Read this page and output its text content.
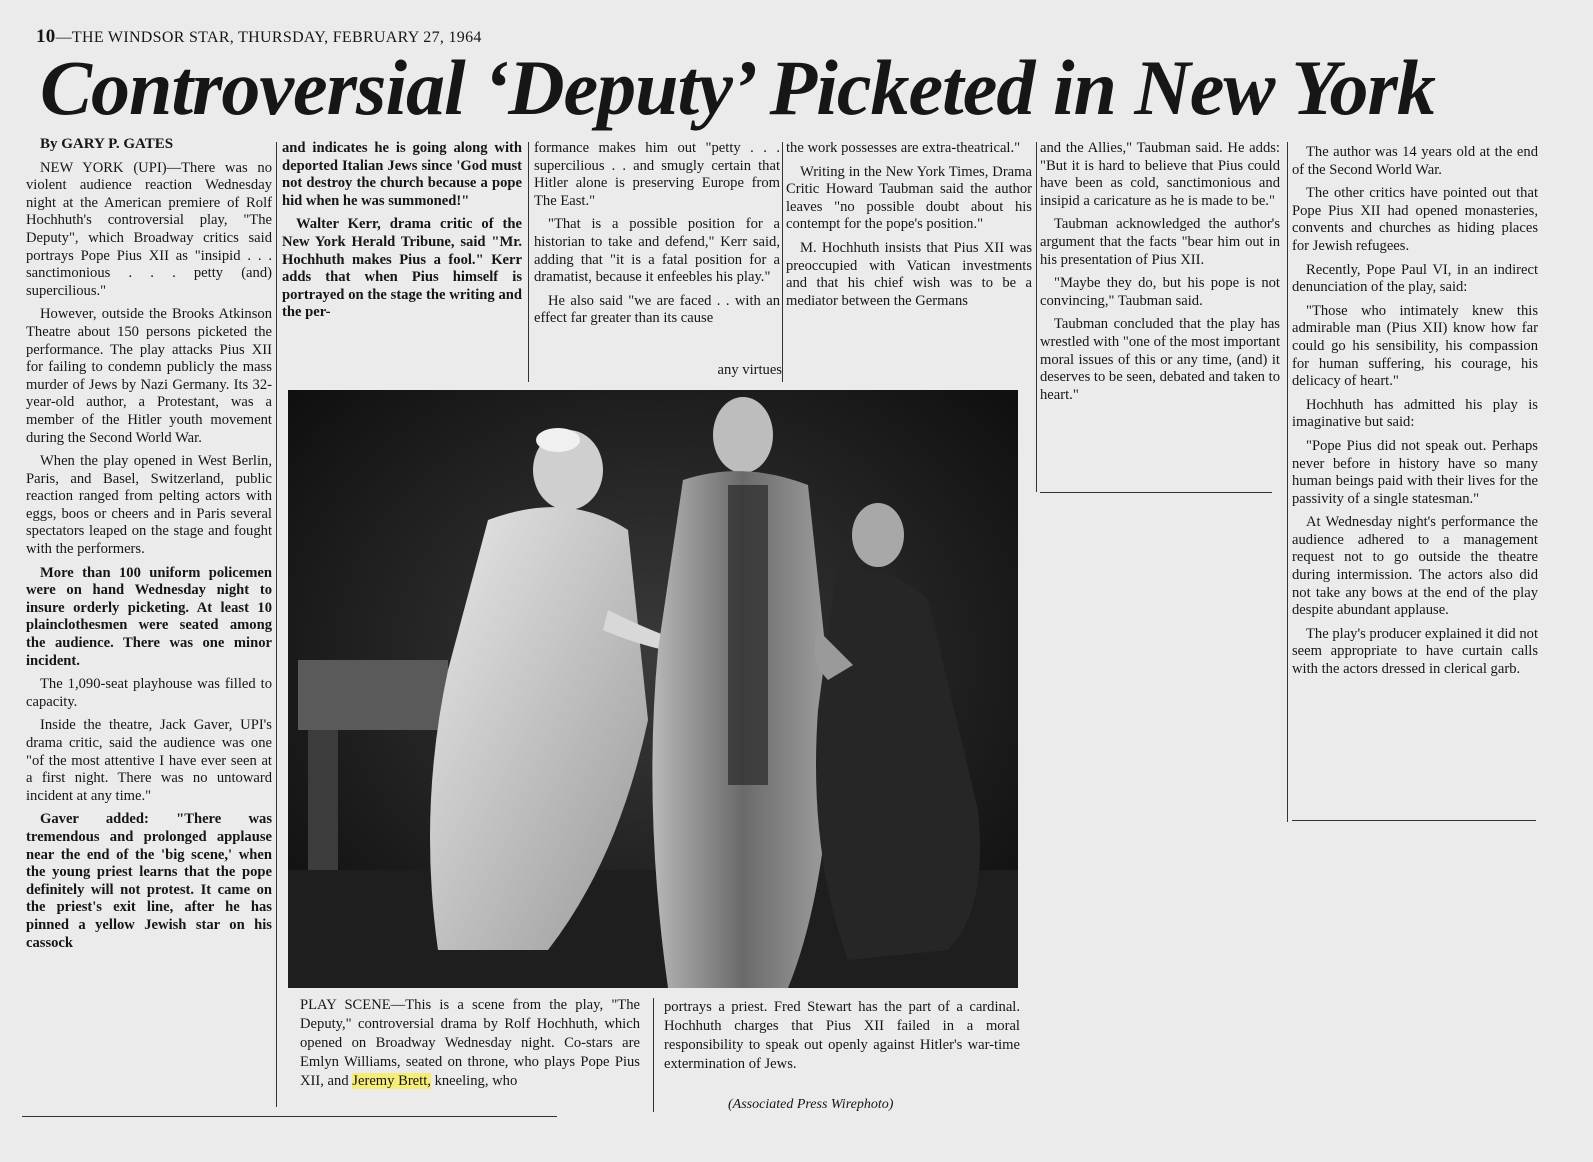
10—THE WINDSOR STAR, THURSDAY, FEBRUARY 27, 1964
Controversial ‘Deputy’ Picketed in New York

By GARY P. GATES

NEW YORK (UPI)—There was no violent audience reaction Wednesday night at the American premiere of Rolf Hochhuth's controversial play, "The Deputy", which Broadway critics said portrays Pope Pius XII as "insipid . . . sanctimonious . . . petty (and) supercilious."

However, outside the Brooks Atkinson Theatre about 150 persons picketed the performance. The play attacks Pius XII for failing to condemn publicly the mass murder of Jews by Nazi Germany. Its 32-year-old author, a Protestant, was a member of the Hitler youth movement during the Second World War.

When the play opened in West Berlin, Paris, and Basel, Switzerland, public reaction ranged from pelting actors with eggs, boos or cheers and in Paris several spectators leaped on the stage and fought with the performers.

More than 100 uniform policemen were on hand Wednesday night to insure orderly picketing. At least 10 plainclothesmen were seated among the audience. There was one minor incident.

The 1,090-seat playhouse was filled to capacity.

Inside the theatre, Jack Gaver, UPI's drama critic, said the audience was one "of the most attentive I have ever seen at a first night. There was no untoward incident at any time."

Gaver added: "There was tremendous and prolonged applause near the end of the 'big scene,' when the young priest learns that the pope definitely will not protest. It came on the priest's exit line, after he has pinned a yellow Jewish star on his cassock

and indicates he is going along with deported Italian Jews since 'God must not destroy the church because a pope hid when he was summoned!"

Walter Kerr, drama critic of the New York Herald Tribune, said "Mr. Hochhuth makes Pius a fool." Kerr adds that when Pius himself is portrayed on the stage the writing and the per-

formance makes him out "petty . . . supercilious . . and smugly certain that Hitler alone is preserving Europe from The East."

"That is a possible position for a historian to take and defend," Kerr said, adding that "it is a fatal position for a dramatist, because it enfeebles his play."

He also said "we are faced . . with an effect far greater than its cause

any virtues

the work possesses are extra-theatrical."

Writing in the New York Times, Drama Critic Howard Taubman said the author leaves "no possible doubt about his contempt for the pope's position."

M. Hochhuth insists that Pius XII was preoccupied with Vatican investments and that his chief wish was to be a mediator between the Germans

and the Allies," Taubman said. He adds: "But it is hard to believe that Pius could have been as cold, sanctimonious and insipid a caricature as he is made to be."

Taubman acknowledged the author's argument that the facts "bear him out in his presentation of Pius XII.

"Maybe they do, but his pope is not convincing," Taubman said.

Taubman concluded that the play has wrestled with "one of the most important moral issues of this or any time, (and) it deserves to be seen, debated and taken to heart."

The author was 14 years old at the end of the Second World War.

The other critics have pointed out that Pope Pius XII had opened monasteries, convents and churches as hiding places for Jewish refugees.

Recently, Pope Paul VI, in an indirect denunciation of the play, said:

"Those who intimately knew this admirable man (Pius XII) know how far could go his sensibility, his compassion for human suffering, his courage, his delicacy of heart."

Hochhuth has admitted his play is imaginative but said:

"Pope Pius did not speak out. Perhaps never before in history have so many human beings paid with their lives for the passivity of a single statesman."

At Wednesday night's performance the audience adhered to a management request not to go outside the theatre during intermission. The actors also did not take any bows at the end of the play despite abundant applause.

The play's producer explained it did not seem appropriate to have curtain calls with the actors dressed in clerical garb.

PLAY SCENE—This is a scene from the play, "The Deputy," controversial drama by Rolf Hochhuth, which opened on Broadway Wednesday night. Co-stars are Emlyn Williams, seated on throne, who plays Pope Pius XII, and Jeremy Brett, kneeling, who

portrays a priest. Fred Stewart has the part of a cardinal. Hochhuth charges that Pius XII failed in a moral responsibility to speak out openly against Hitler's war-time extermination of Jews.

(Associated Press Wirephoto)
